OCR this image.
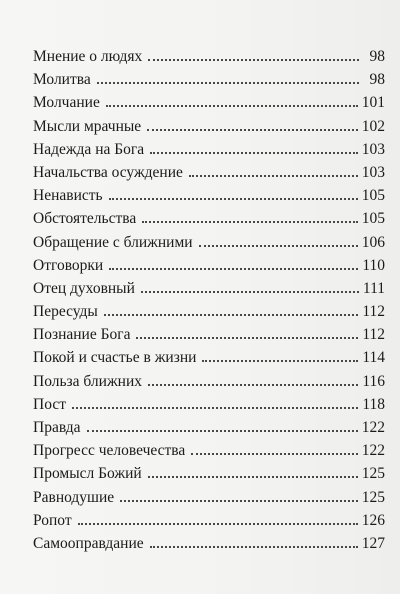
Мнение о людях	98
Молитва	98
Молчание	101
Мысли мрачные	102
Надежда на Бога	103
Начальства осуждение	103
Ненависть	105
Обстоятельства	105
Обращение с ближними	106
Отговорки	110
Отец духовный	111
Пересуды	112
Познание Бога	112
Покой и счастье в жизни	114
Польза ближних	116
Пост	118
Правда	122
Прогресс человечества	122
Промысл Божий	125
Равнодушие	125
Ропот	126
Самооправдание	127
